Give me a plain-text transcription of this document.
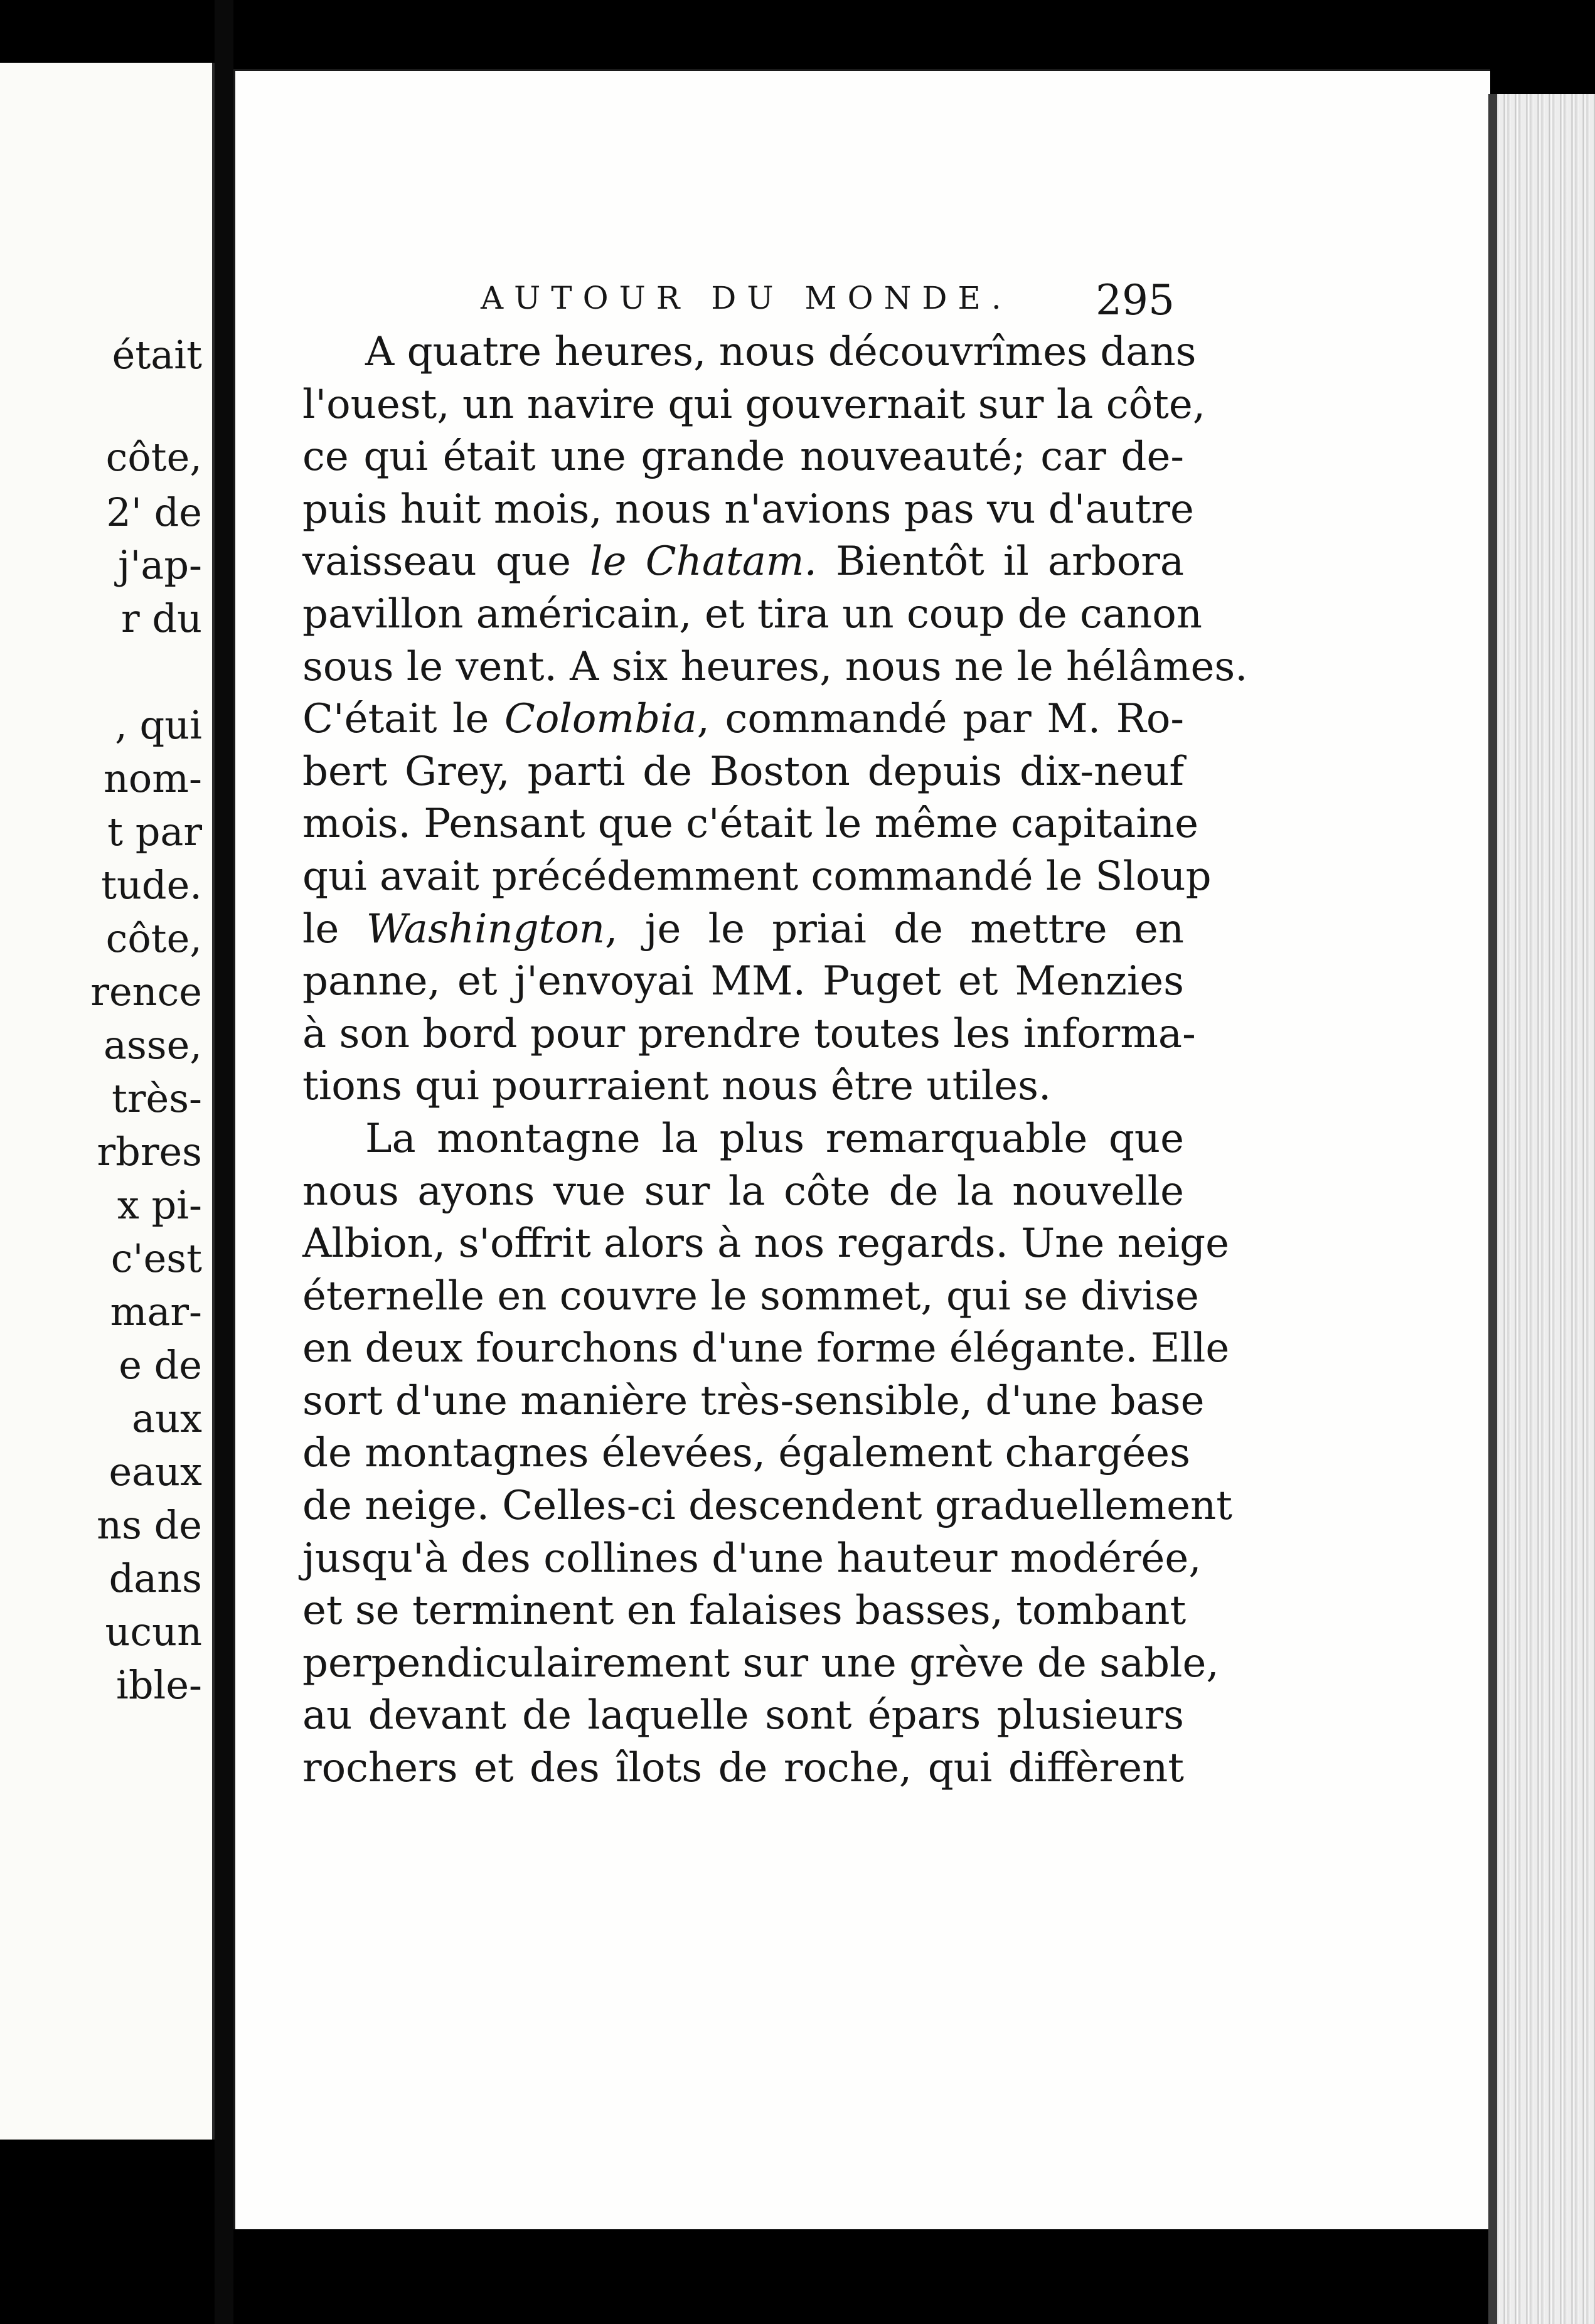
était
côte,
2' de
j'ap-
r du
, qui
nom-
t par
tude.
côte,
rence
asse,
très-
rbres
x pi-
c'est
mar-
e de
aux
eaux
ns de
dans
ucun
ible-
AUTOUR DU MONDE. 295
A quatre heures, nous découvrîmes dans
l'ouest, un navire qui gouvernait sur la côte,
ce qui était une grande nouveauté; car de-
puis huit mois, nous n'avions pas vu d'autre
vaisseau que le Chatam. Bientôt il arbora
pavillon américain, et tira un coup de canon
sous le vent. A six heures, nous ne le hélâmes.
C'était le Colombia, commandé par M. Ro-
bert Grey, parti de Boston depuis dix-neuf
mois. Pensant que c'était le même capitaine
qui avait précédemment commandé le Sloup
le Washington, je le priai de mettre en
panne, et j'envoyai MM. Puget et Menzies
à son bord pour prendre toutes les informa-
tions qui pourraient nous être utiles.
La montagne la plus remarquable que
nous ayons vue sur la côte de la nouvelle
Albion, s'offrit alors à nos regards. Une neige
éternelle en couvre le sommet, qui se divise
en deux fourchons d'une forme élégante. Elle
sort d'une manière très-sensible, d'une base
de montagnes élevées, également chargées
de neige. Celles-ci descendent graduellement
jusqu'à des collines d'une hauteur modérée,
et se terminent en falaises basses, tombant
perpendiculairement sur une grève de sable,
au devant de laquelle sont épars plusieurs
rochers et des îlots de roche, qui diffèrent
